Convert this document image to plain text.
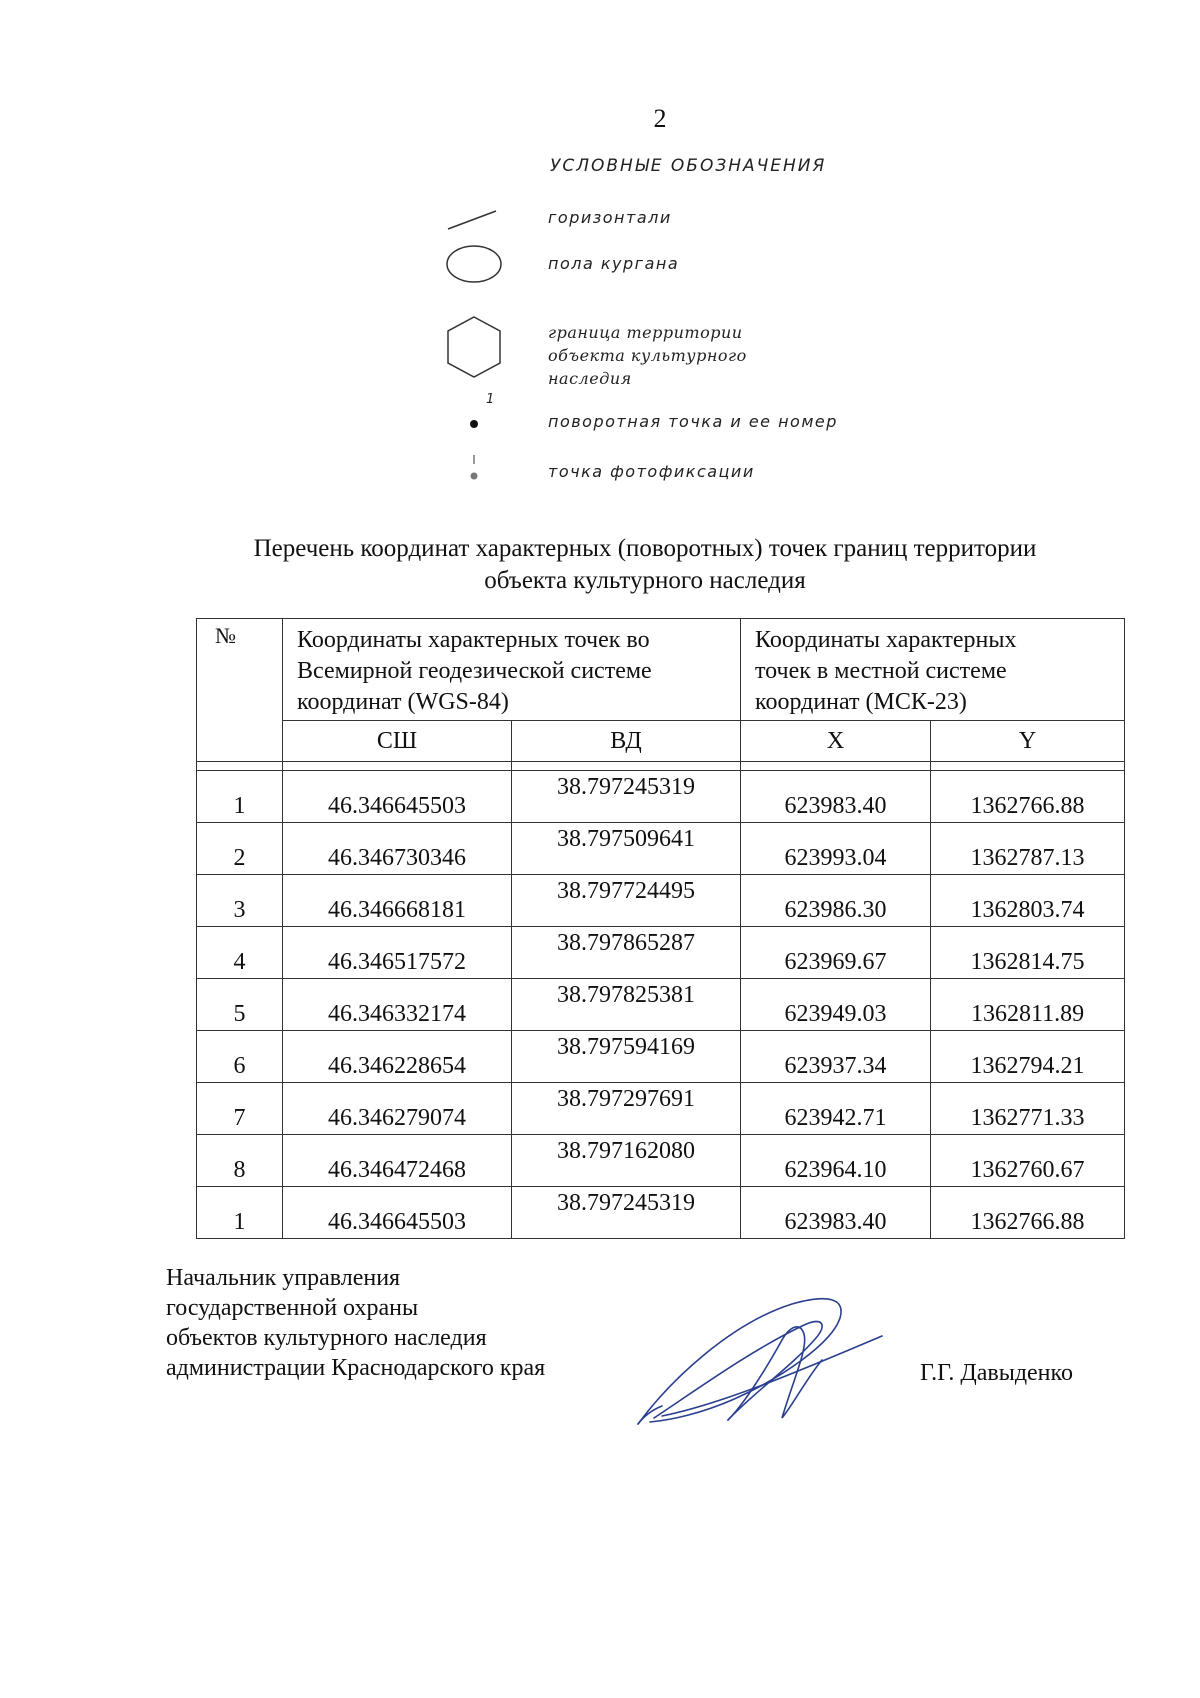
2
УСЛОВНЫЕ ОБОЗНАЧЕНИЯ
горизонтали
пола кургана
граница территории
объекта культурного
наследия
1
поворотная точка и ее номер
точка фотофиксации
Перечень координат характерных (поворотных) точек границ территории
объекта культурного наследия
№	Координаты характерных точек во
Всемирной геодезической системе
координат (WGS-84)		Координаты характерных
точек в местной системе
координат (МСК-23)	

	СШ	ВД	X	Y

1	46.346645503	38.797245319	623983.40	1362766.88
2	46.346730346	38.797509641	623993.04	1362787.13
3	46.346668181	38.797724495	623986.30	1362803.74
4	46.346517572	38.797865287	623969.67	1362814.75
5	46.346332174	38.797825381	623949.03	1362811.89
6	46.346228654	38.797594169	623937.34	1362794.21
7	46.346279074	38.797297691	623942.71	1362771.33
8	46.346472468	38.797162080	623964.10	1362760.67
1	46.346645503	38.797245319	623983.40	1362766.88
Начальник управления
государственной охраны
объектов культурного наследия
администрации Краснодарского края	Г.Г. Давыденко
